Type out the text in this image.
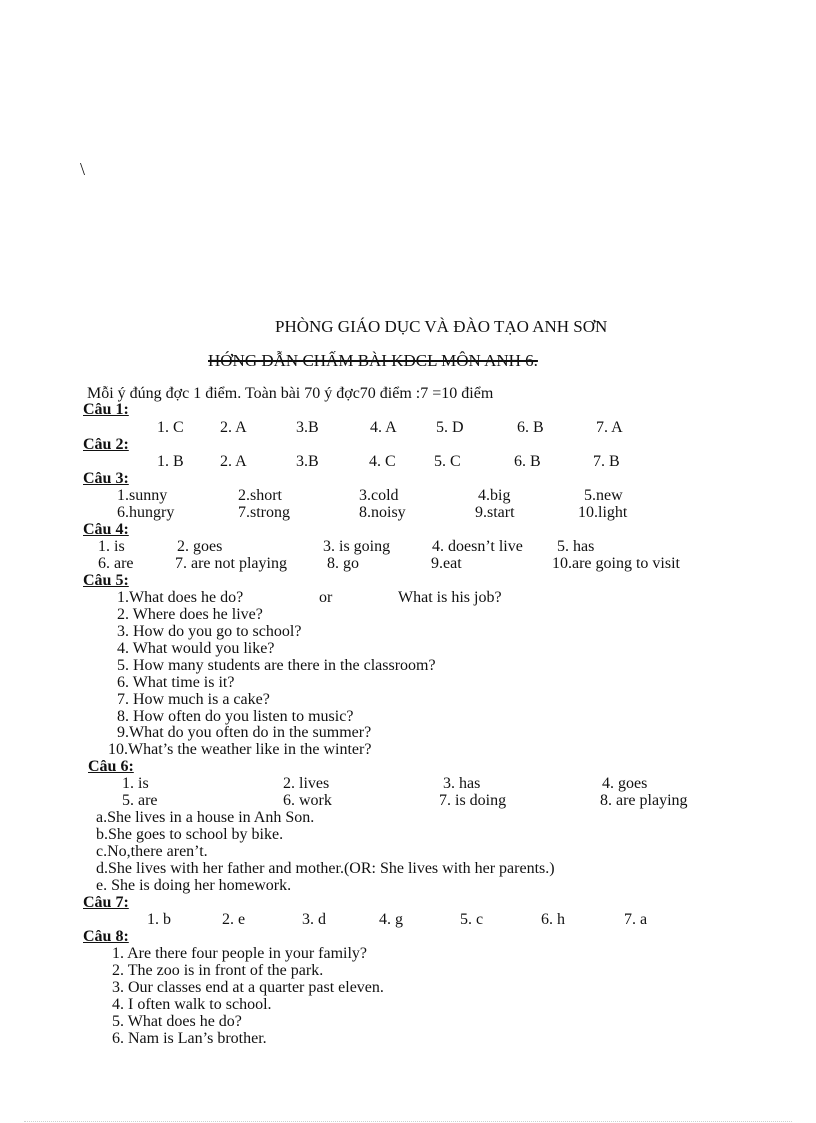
\
PHÒNG GIÁO DỤC VÀ ĐÀO TẠO ANH SƠN
HỚNG DẪN CHẤM BÀI KĐCL MÔN ANH 6.
Mỗi ý đúng đợc 1 điểm. Toàn bài 70 ý đợc70 điểm :7 =10 điểm
Câu 1:
1. C 2. A	3.B	4. A 5. D	6. B	7. A
Câu 2:
1. B 2. A	3.B	4. C 5. C	6. B	7. B
Câu 3:
1.sunny	2.short	3.cold	4.big	5.new
6.hungry	7.strong	8.noisy	9.start	10.light
Câu 4:
1. is	2. goes	3. is going	4. doesn’t live 5. has
6. are	7. are not playing	8. go	9.eat	10.are going to visit
Câu 5:
1.What does he do?	or	What is his job?
2. Where does he live?
3. How do you go to school?
4. What would you like?
5. How many students are there in the classroom?
6. What time is it?
7. How much is a cake?
8. How often do you listen to music?
9.What do you often do in the summer?
10.What’s the weather like in the winter?
Câu 6:
1. is	2. lives	3. has	4. goes
5. are	6. work	7. is doing	8. are playing
a.She lives in a house in Anh Son.
b.She goes to school by bike.
c.No,there aren’t.
d.She lives with her father and mother.(OR: She lives with her parents.)
e. She is doing her homework.
Câu 7:
1. b	2. e	3. d	4. g	5. c	6. h	7. a
Câu 8:
1. Are there four people in your family?
2. The zoo is in front of the park.
3. Our classes end at a quarter past eleven.
4. I often walk to school.
5. What does he do?
6. Nam is Lan’s brother.
